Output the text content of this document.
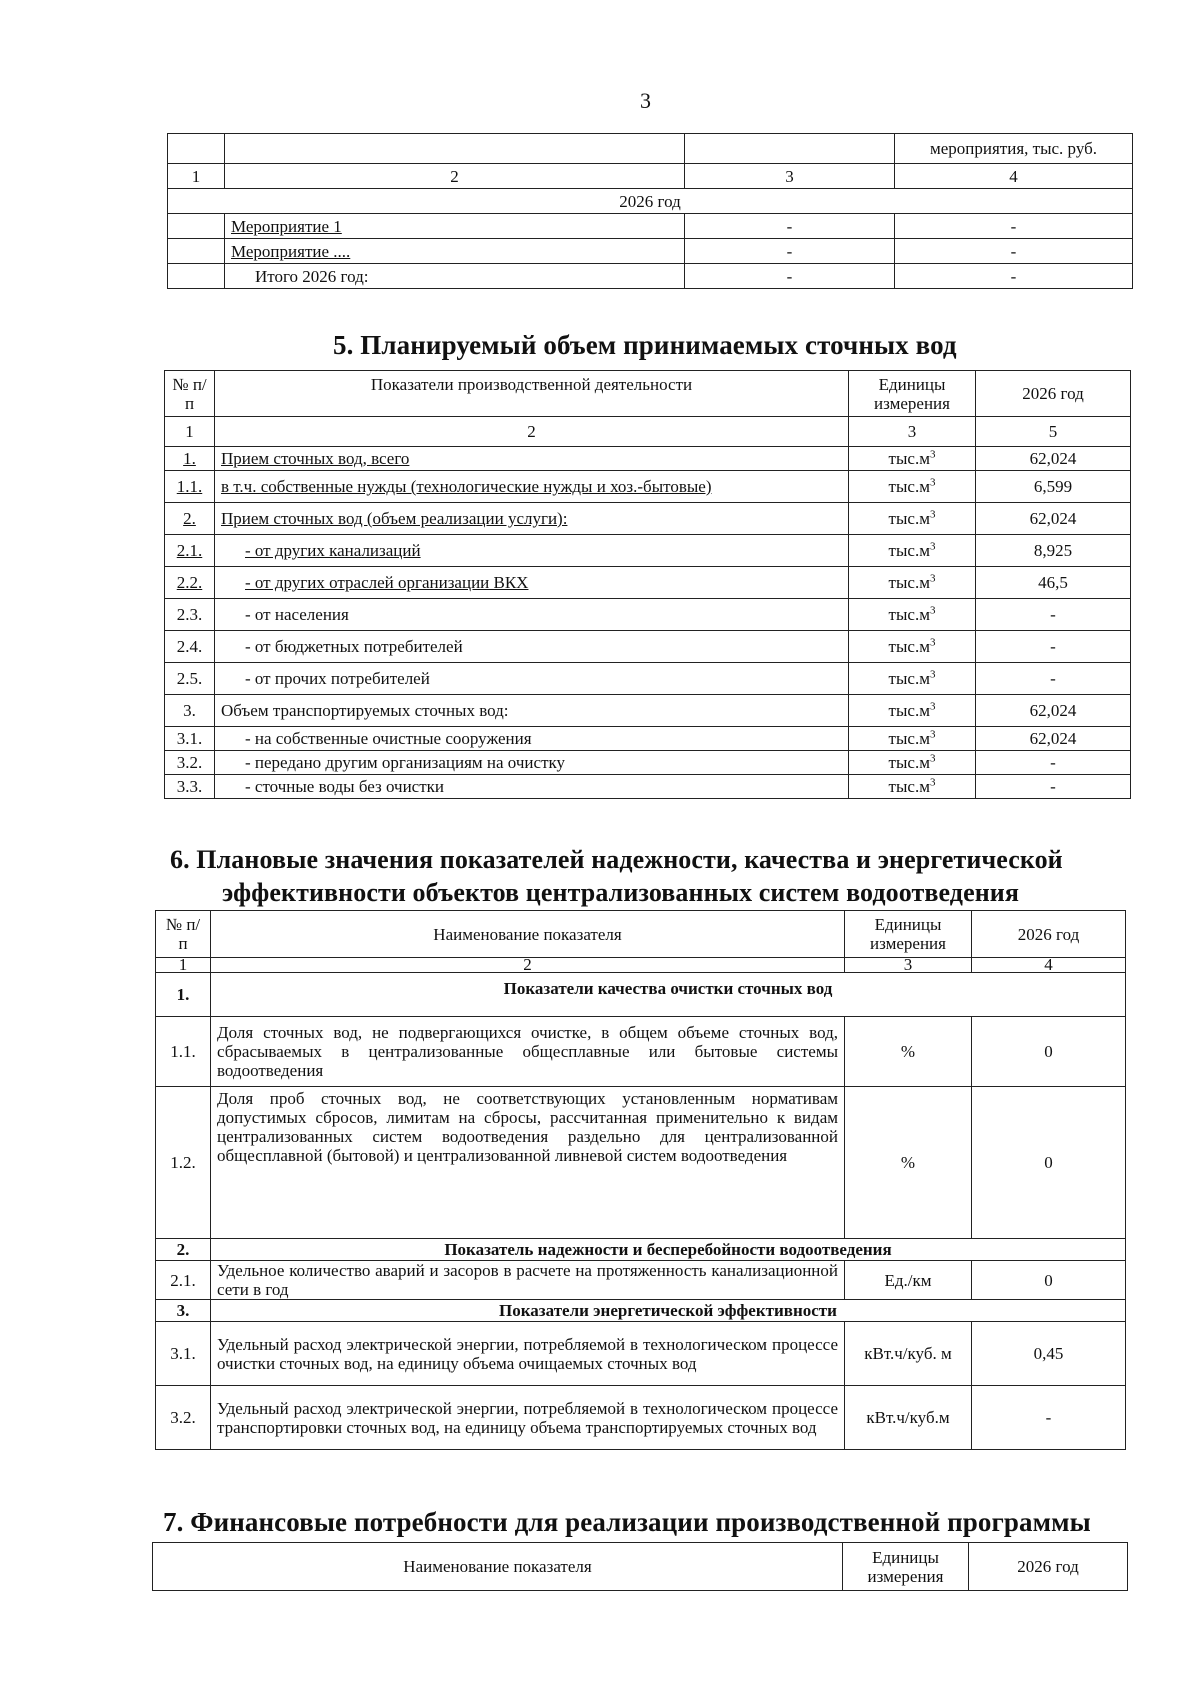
3
			мероприятия, тыс. руб.
1	2	3	4
2026 год			
	Мероприятие 1	-	-
	Мероприятие ....	-	-
	Итого 2026 год:	-	-
5. Планируемый объем принимаемых сточных вод
№ п/п	Показатели производственной деятельности	Единицы измерения	2026 год
1	2	3	5
1.	Прием сточных вод, всего	$тыс.м^3$	62,024
1.1.	в т.ч. собственные нужды (технологические нужды и хоз.-бытовые)	$тыс.м^3$	6,599
2.	Прием сточных вод (объем реализации услуги):	$тыс.м^3$	62,024
2.1.	- от других канализаций	$тыс.м^3$	8,925
2.2.	- от других отраслей организации ВКХ	$тыс.м^3$	46,5
2.3.	- от населения	$тыс.м^3$	-
2.4.	- от бюджетных потребителей	$тыс.м^3$	-
2.5.	- от прочих потребителей	$тыс.м^3$	-
3.	Объем транспортируемых сточных вод:	$тыс.м^3$	62,024
3.1.	- на собственные очистные сооружения	$тыс.м^3$	62,024
3.2.	- передано другим организациям на очистку	$тыс.м^3$	-
3.3.	- сточные воды без очистки	$тыс.м^3$	-
6. Плановые значения показателей надежности, качества и энергетической
эффективности объектов централизованных систем водоотведения
№ п/п	Наименование показателя	Единицы измерения	2026 год
1	2	3	4
1.	Показатели качества очистки сточных вод		
1.1.	Доля сточных вод, не подвергающихся очистке, в общем объеме сточных вод, сбрасываемых в централизованные общесплавные или бытовые системы водоотведения	%	0
1.2.	Доля проб сточных вод, не соответствующих установленным нормативам допустимых сбросов, лимитам на сбросы, рассчитанная применительно к видам централизованных систем водоотведения раздельно для централизованной общесплавной (бытовой) и централизованной ливневой систем водоотведения	%	0
2.	Показатель надежности и бесперебойности водоотведения		
2.1.	Удельное количество аварий и засоров в расчете на протяженность канализационной сети в год	Ед./км	0
3.	Показатели энергетической эффективности		
3.1.	Удельный расход электрической энергии, потребляемой в технологическом процессе очистки сточных вод, на единицу объема очищаемых сточных вод	кВт.ч/куб. м	0,45
3.2.	Удельный расход электрической энергии, потребляемой в технологическом процессе транспортировки сточных вод, на единицу объема транспортируемых сточных вод	кВт.ч/куб.м	-
7. Финансовые потребности для реализации производственной программы
Наименование показателя	Единицы измерения	2026 год
